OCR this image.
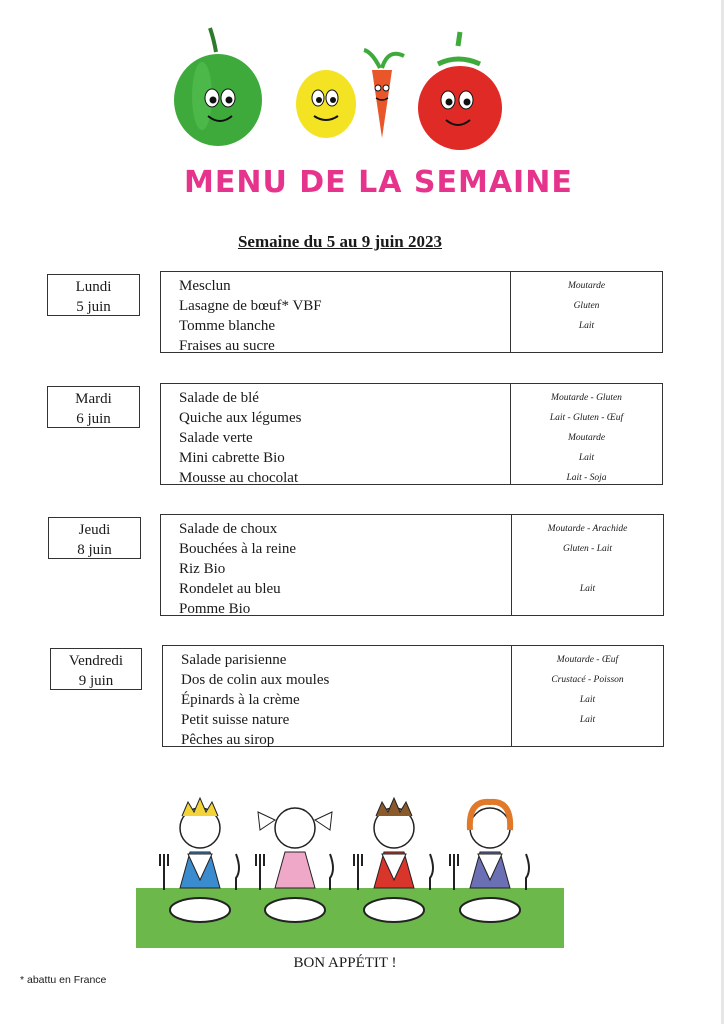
MENU DE LA SEMAINE
Semaine du 5 au 9 juin 2023
Lundi
5 juin
Mesclun
Lasagne de bœuf* VBF
Tomme blanche
Fraises au sucre
Moutarde
Gluten
Lait
Mardi
6 juin
Salade de blé
Quiche aux légumes
Salade verte
Mini cabrette Bio
Mousse au chocolat
Moutarde - Gluten
Lait - Gluten - Œuf
Moutarde
Lait
Lait - Soja
Jeudi
8 juin
Salade de choux
Bouchées à la reine
Riz Bio
Rondelet au bleu
Pomme Bio
Moutarde - Arachide
Gluten - Lait
Lait
Vendredi
9 juin
Salade parisienne
Dos de colin aux moules
Épinards à la crème
Petit suisse nature
Pêches au sirop
Moutarde - Œuf
Crustacé - Poisson
Lait
Lait
BON APPÉTIT !
* abattu en France
